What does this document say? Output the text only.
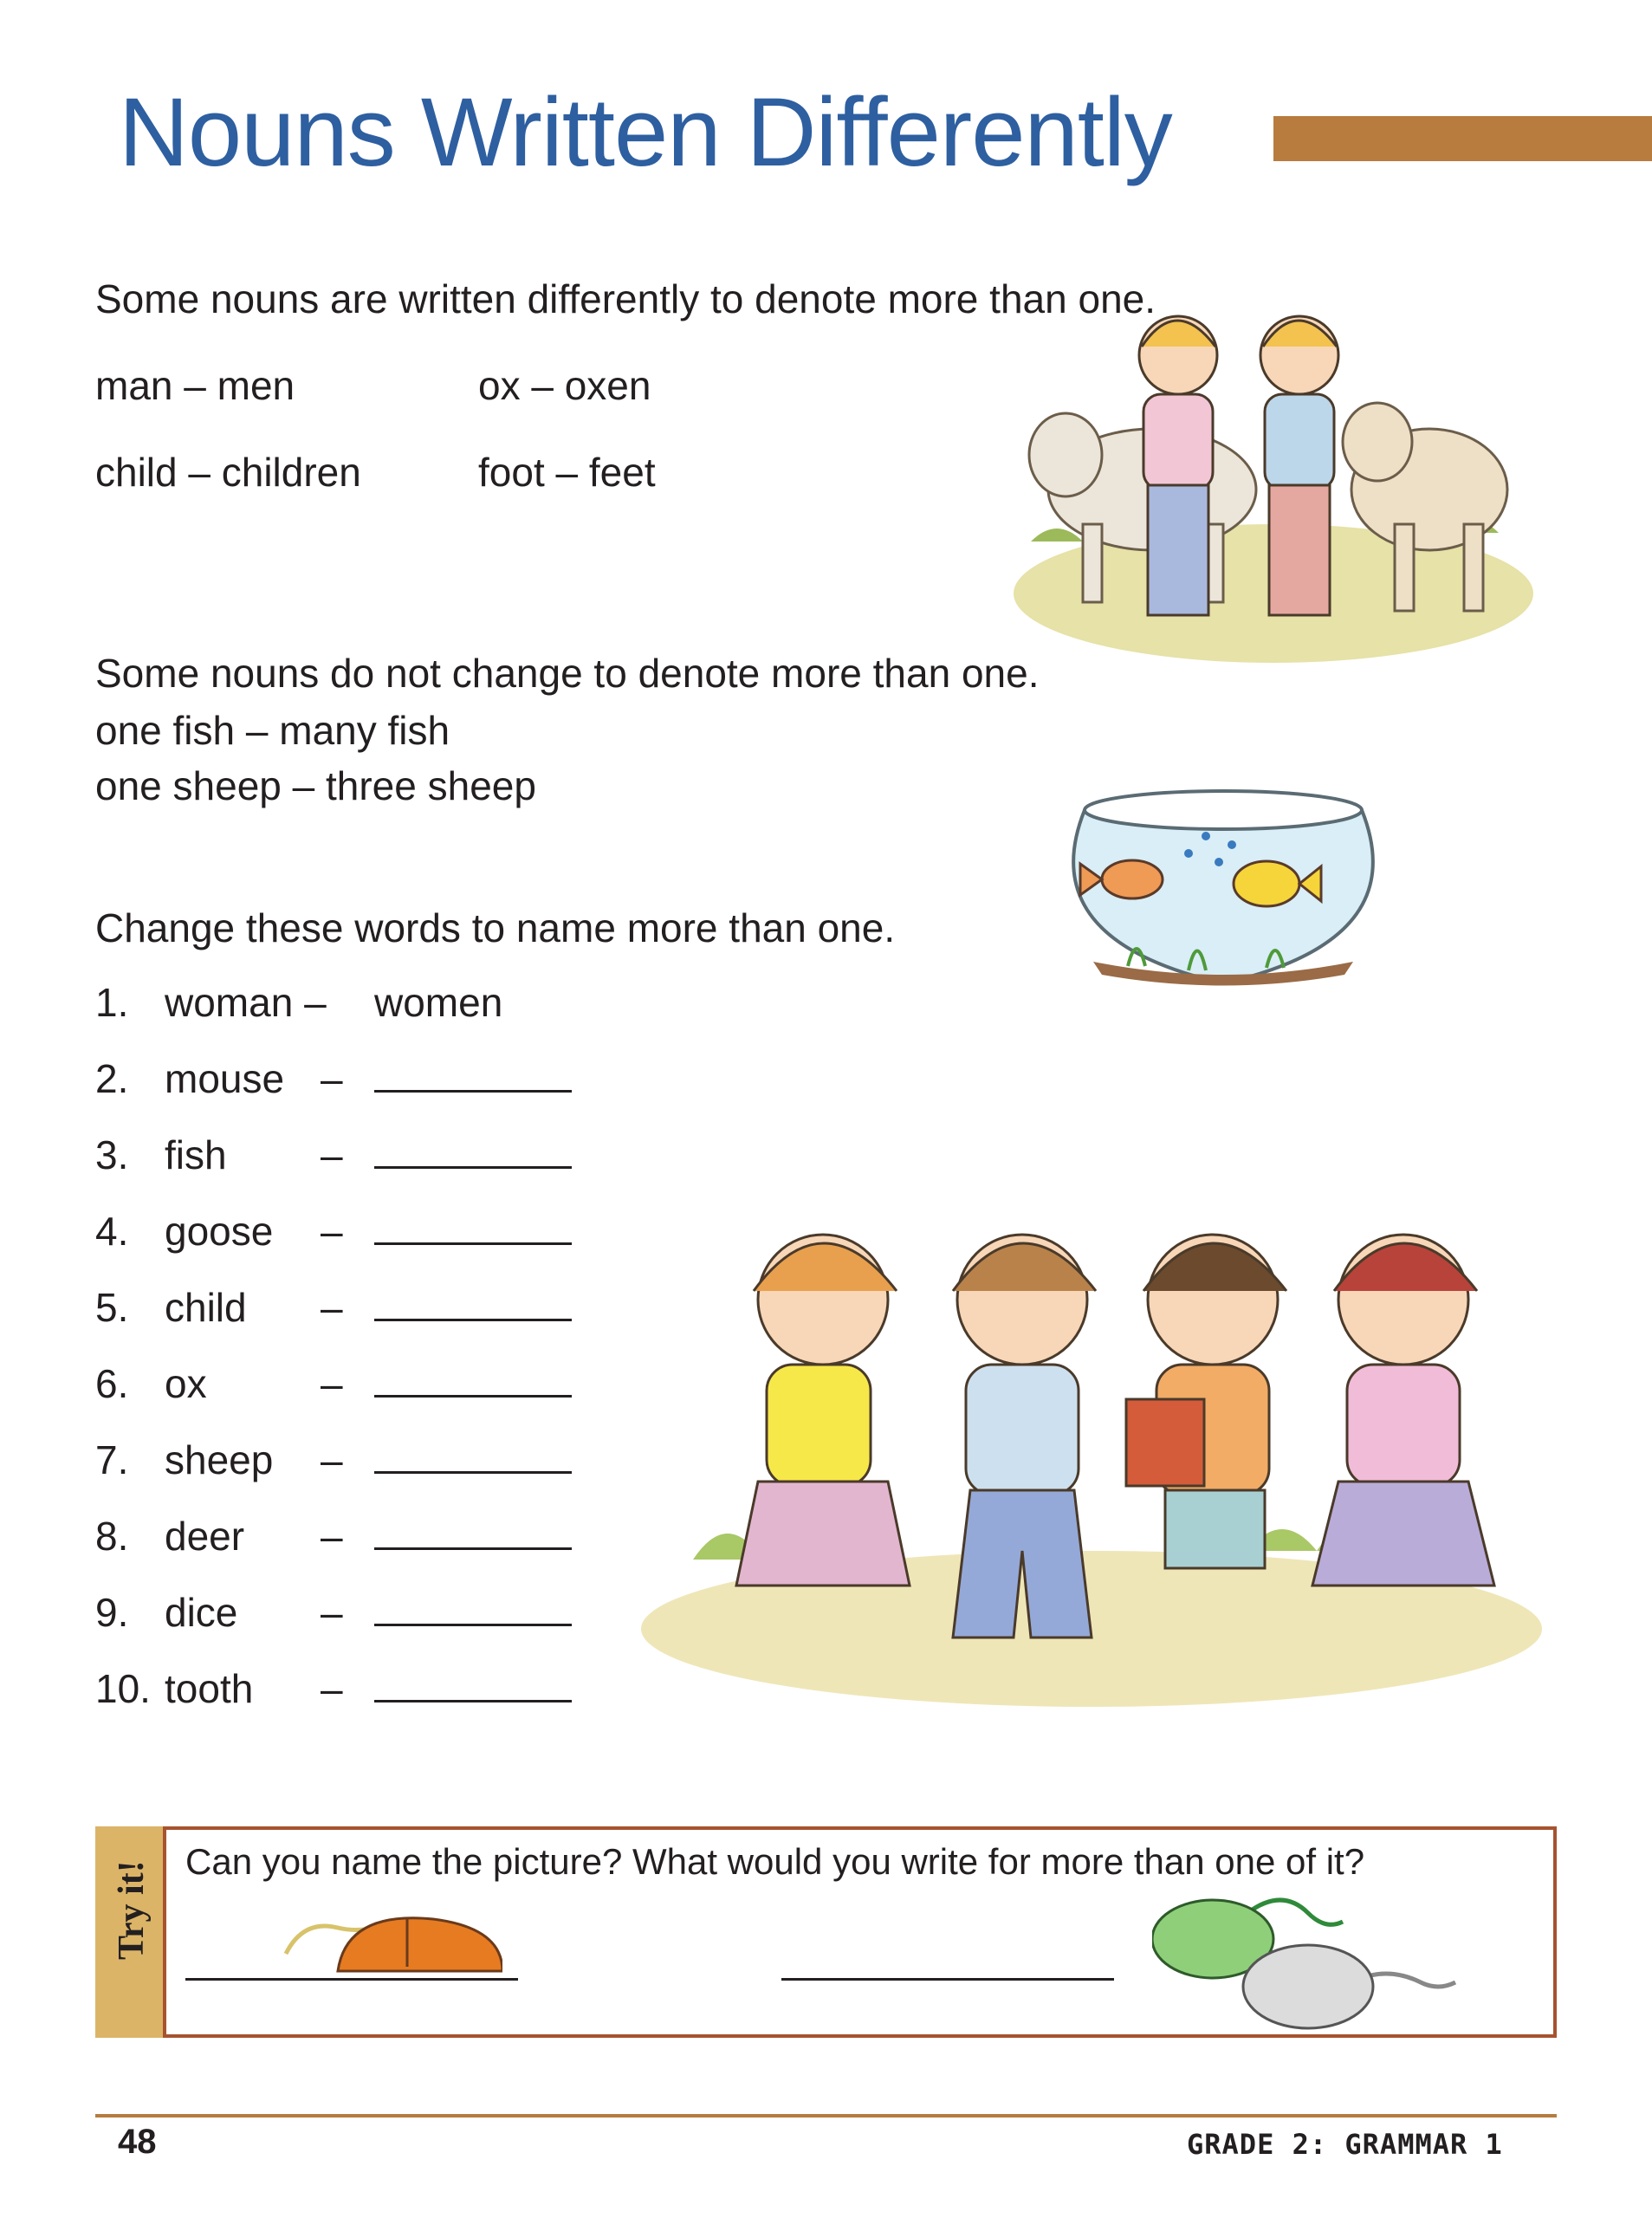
Nouns Written Differently
Some nouns are written differently to denote more than one.
man – men	ox – oxen
child – children	foot – feet
Some nouns do not change to denote more than one.
one fish – many fish
one sheep – three sheep
Change these words to name more than one.
1. woman – women
2. mouse –
3. fish –
4. goose –
5. child –
6. ox	–
7. sheep –
8. deer –
9. dice –
10. tooth –
Try it! Can you name the picture? What would you write for more than one of it?
48	GRADE 2: GRAMMAR 1
